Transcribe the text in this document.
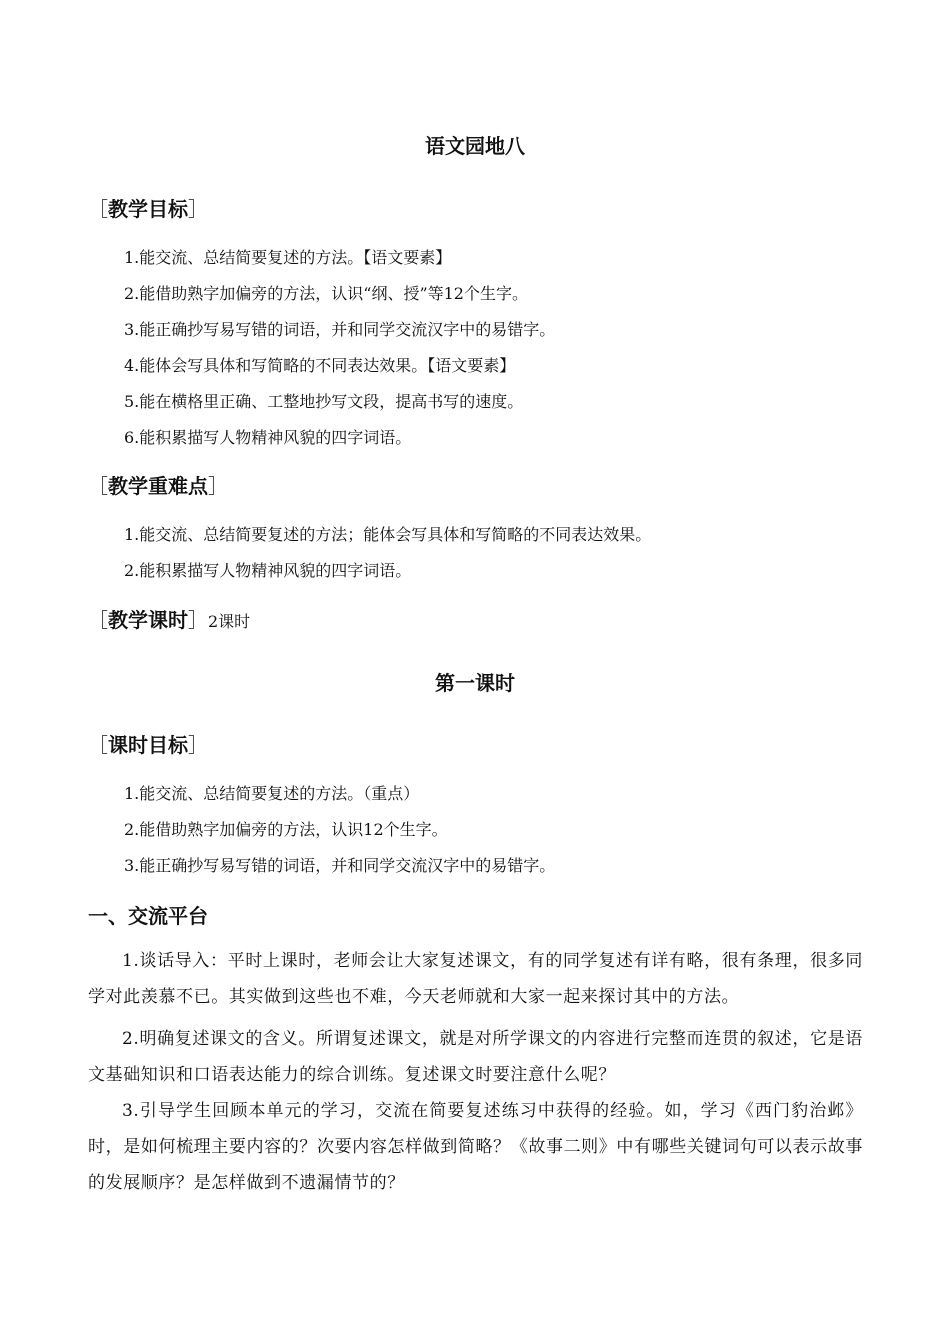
语文园地八
［教学目标］
1.能交流、总结简要复述的方法。【语文要素】
2.能借助熟字加偏旁的方法，认识“纲、授”等12个生字。
3.能正确抄写易写错的词语，并和同学交流汉字中的易错字。
4.能体会写具体和写简略的不同表达效果。【语文要素】
5.能在横格里正确、工整地抄写文段，提高书写的速度。
6.能积累描写人物精神风貌的四字词语。
［教学重难点］
1.能交流、总结简要复述的方法；能体会写具体和写简略的不同表达效果。
2.能积累描写人物精神风貌的四字词语。
［教学课时］2课时
第一课时
［课时目标］
1.能交流、总结简要复述的方法。（重点）
2.能借助熟字加偏旁的方法，认识12个生字。
3.能正确抄写易写错的词语，并和同学交流汉字中的易错字。
一、交流平台
1.谈话导入：平时上课时，老师会让大家复述课文，有的同学复述有详有略，很有条理，很多同学对此羡慕不已。其实做到这些也不难，今天老师就和大家一起来探讨其中的方法。
2.明确复述课文的含义。所谓复述课文，就是对所学课文的内容进行完整而连贯的叙述，它是语文基础知识和口语表达能力的综合训练。复述课文时要注意什么呢？
3.引导学生回顾本单元的学习，交流在简要复述练习中获得的经验。如，学习《西门豹治邺》时，是如何梳理主要内容的？次要内容怎样做到简略？《故事二则》中有哪些关键词句可以表示故事的发展顺序？是怎样做到不遗漏情节的？
